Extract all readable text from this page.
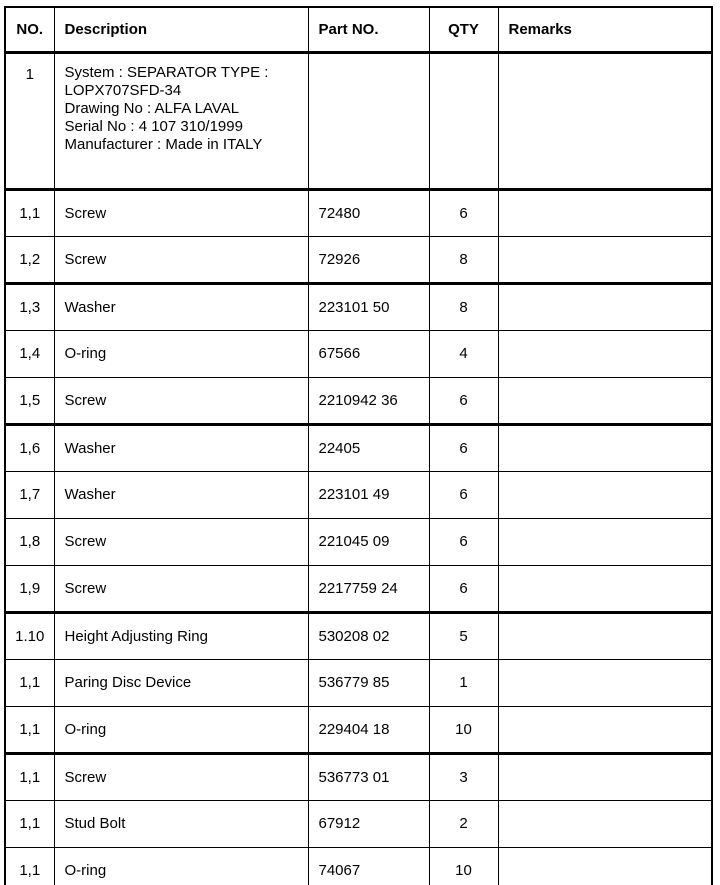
NO.	Description	Part NO.	QTY	Remarks
1	System : SEPARATOR TYPE :
LOPX707SFD-34
Drawing No : ALFA LAVAL
Serial No : 4 107 310/1999
Manufacturer : Made in ITALY			

1,1	Screw	72480	6	
1,2	Screw	72926	8	
1,3	Washer	223101 50	8	
1,4	O-ring	67566	4	
1,5	Screw	2210942 36	6	
1,6	Washer	22405	6	
1,7	Washer	223101 49	6	
1,8	Screw	221045 09	6	
1,9	Screw	2217759 24	6	
1.10	Height Adjusting Ring	530208 02	5	
1,1	Paring Disc Device	536779 85	1	
1,1	O-ring	229404 18	10	
1,1	Screw	536773 01	3	
1,1	Stud Bolt	67912	2	
1,1	O-ring	74067	10	
